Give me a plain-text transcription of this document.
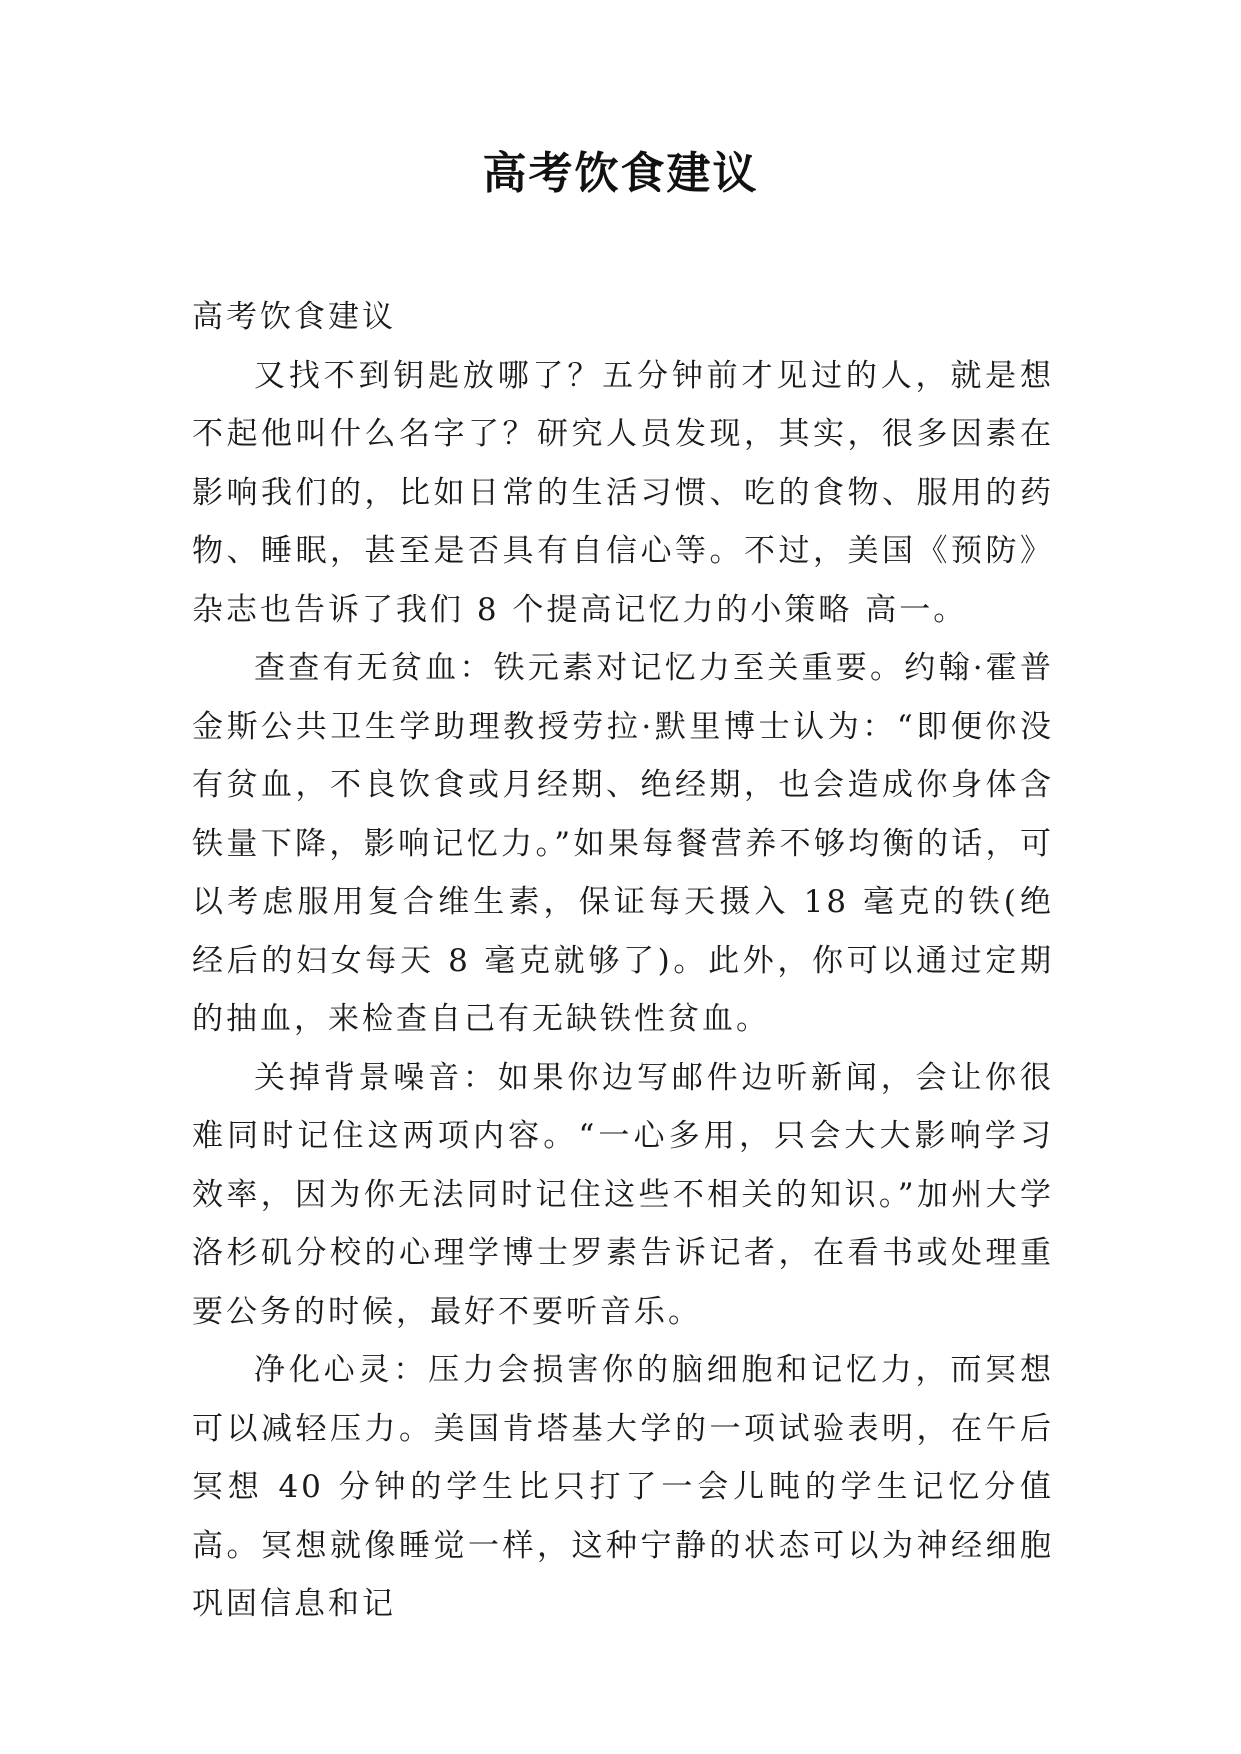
高考饮食建议

高考饮食建议

又找不到钥匙放哪了？五分钟前才见过的人，就是想不起他叫什么名字了？研究人员发现，其实，很多因素在影响我们的，比如日常的生活习惯、吃的食物、服用的药物、睡眠，甚至是否具有自信心等。不过，美国《预防》杂志也告诉了我们 8 个提高记忆力的小策略 高一。

查查有无贫血：铁元素对记忆力至关重要。约翰·霍普金斯公共卫生学助理教授劳拉·默里博士认为：“即便你没有贫血，不良饮食或月经期、绝经期，也会造成你身体含铁量下降，影响记忆力。”如果每餐营养不够均衡的话，可以考虑服用复合维生素，保证每天摄入 18 毫克的铁(绝经后的妇女每天 8 毫克就够了)。此外，你可以通过定期的抽血，来检查自己有无缺铁性贫血。

关掉背景噪音：如果你边写邮件边听新闻，会让你很难同时记住这两项内容。“一心多用，只会大大影响学习效率，因为你无法同时记住这些不相关的知识。”加州大学洛杉矶分校的心理学博士罗素告诉记者，在看书或处理重要公务的时候，最好不要听音乐。

净化心灵：压力会损害你的脑细胞和记忆力，而冥想可以减轻压力。美国肯塔基大学的一项试验表明，在午后冥想 40 分钟的学生比只打了一会儿盹的学生记忆分值高。冥想就像睡觉一样，这种宁静的状态可以为神经细胞巩固信息和记
